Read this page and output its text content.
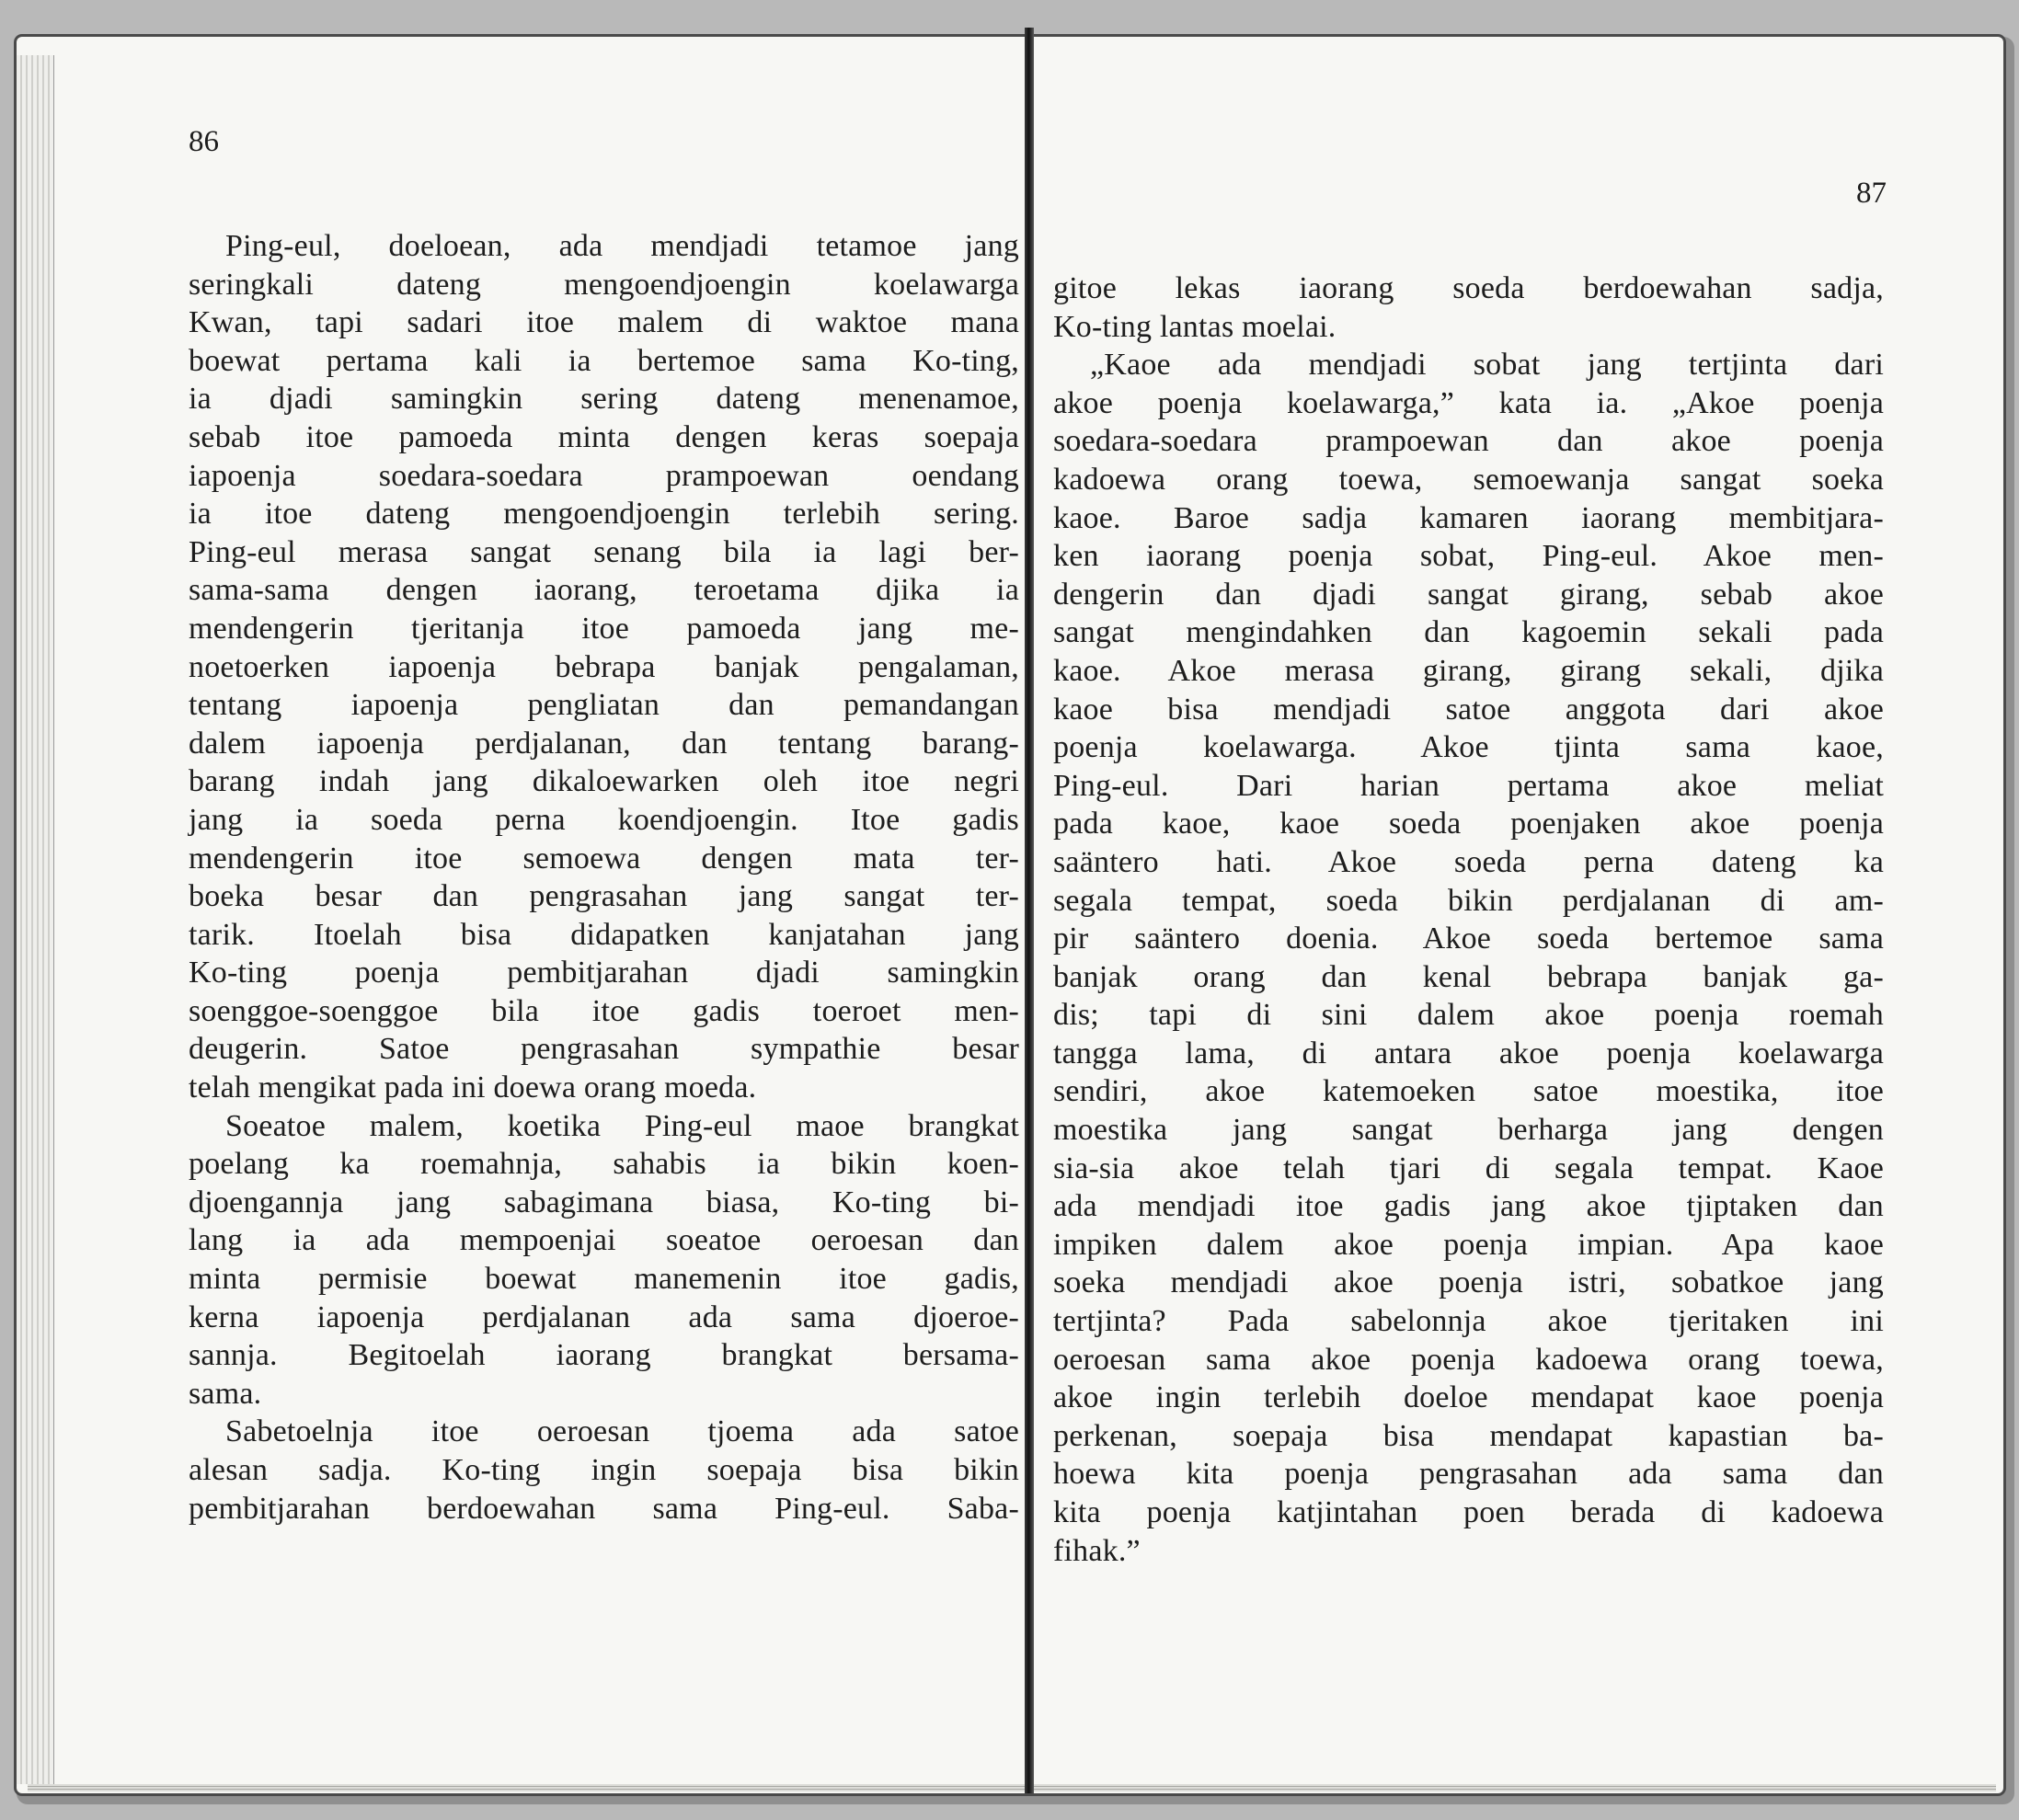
86
Ping-eul, doeloean, ada mendjadi tetamoe jang
seringkali dateng mengoendjoengin koelawarga
Kwan, tapi sadari itoe malem di waktoe mana
boewat pertama kali ia bertemoe sama Ko-ting,
ia djadi samingkin sering dateng menenamoe,
sebab itoe pamoeda minta dengen keras soepaja
iapoenja soedara-soedara prampoewan oendang
ia itoe dateng mengoendjoengin terlebih sering.
Ping-eul merasa sangat senang bila ia lagi ber-
sama-sama dengen iaorang, teroetama djika ia
mendengerin tjeritanja itoe pamoeda jang me-
noetoerken iapoenja bebrapa banjak pengalaman,
tentang iapoenja pengliatan dan pemandangan
dalem iapoenja perdjalanan, dan tentang barang-
barang indah jang dikaloewarken oleh itoe negri
jang ia soeda perna koendjoengin. Itoe gadis
mendengerin itoe semoewa dengen mata ter-
boeka besar dan pengrasahan jang sangat ter-
tarik. Itoelah bisa didapatken kanjatahan jang
Ko-ting poenja pembitjarahan djadi samingkin
soenggoe-soenggoe bila itoe gadis toeroet men-
deugerin. Satoe pengrasahan sympathie besar
telah mengikat pada ini doewa orang moeda.
Soeatoe malem, koetika Ping-eul maoe brangkat
poelang ka roemahnja, sahabis ia bikin koen-
djoengannja jang sabagimana biasa, Ko-ting bi-
lang ia ada mempoenjai soeatoe oeroesan dan
minta permisie boewat manemenin itoe gadis,
kerna iapoenja perdjalanan ada sama djoeroe-
sannja. Begitoelah iaorang brangkat bersama-
sama.
Sabetoelnja itoe oeroesan tjoema ada satoe
alesan sadja. Ko-ting ingin soepaja bisa bikin
pembitjarahan berdoewahan sama Ping-eul. Saba-
87
gitoe lekas iaorang soeda berdoewahan sadja,
Ko-ting lantas moelai.
„Kaoe ada mendjadi sobat jang tertjinta dari
akoe poenja koelawarga,” kata ia. „Akoe poenja
soedara-soedara prampoewan dan akoe poenja
kadoewa orang toewa, semoewanja sangat soeka
kaoe. Baroe sadja kamaren iaorang membitjara-
ken iaorang poenja sobat, Ping-eul. Akoe men-
dengerin dan djadi sangat girang, sebab akoe
sangat mengindahken dan kagoemin sekali pada
kaoe. Akoe merasa girang, girang sekali, djika
kaoe bisa mendjadi satoe anggota dari akoe
poenja koelawarga. Akoe tjinta sama kaoe,
Ping-eul. Dari harian pertama akoe meliat
pada kaoe, kaoe soeda poenjaken akoe poenja
saäntero hati. Akoe soeda perna dateng ka
segala tempat, soeda bikin perdjalanan di am-
pir saäntero doenia. Akoe soeda bertemoe sama
banjak orang dan kenal bebrapa banjak ga-
dis; tapi di sini dalem akoe poenja roemah
tangga lama, di antara akoe poenja koelawarga
sendiri, akoe katemoeken satoe moestika, itoe
moestika jang sangat berharga jang dengen
sia-sia akoe telah tjari di segala tempat. Kaoe
ada mendjadi itoe gadis jang akoe tjiptaken dan
impiken dalem akoe poenja impian. Apa kaoe
soeka mendjadi akoe poenja istri, sobatkoe jang
tertjinta? Pada sabelonnja akoe tjeritaken ini
oeroesan sama akoe poenja kadoewa orang toewa,
akoe ingin terlebih doeloe mendapat kaoe poenja
perkenan, soepaja bisa mendapat kapastian ba-
hoewa kita poenja pengrasahan ada sama dan
kita poenja katjintahan poen berada di kadoewa
fihak.”
